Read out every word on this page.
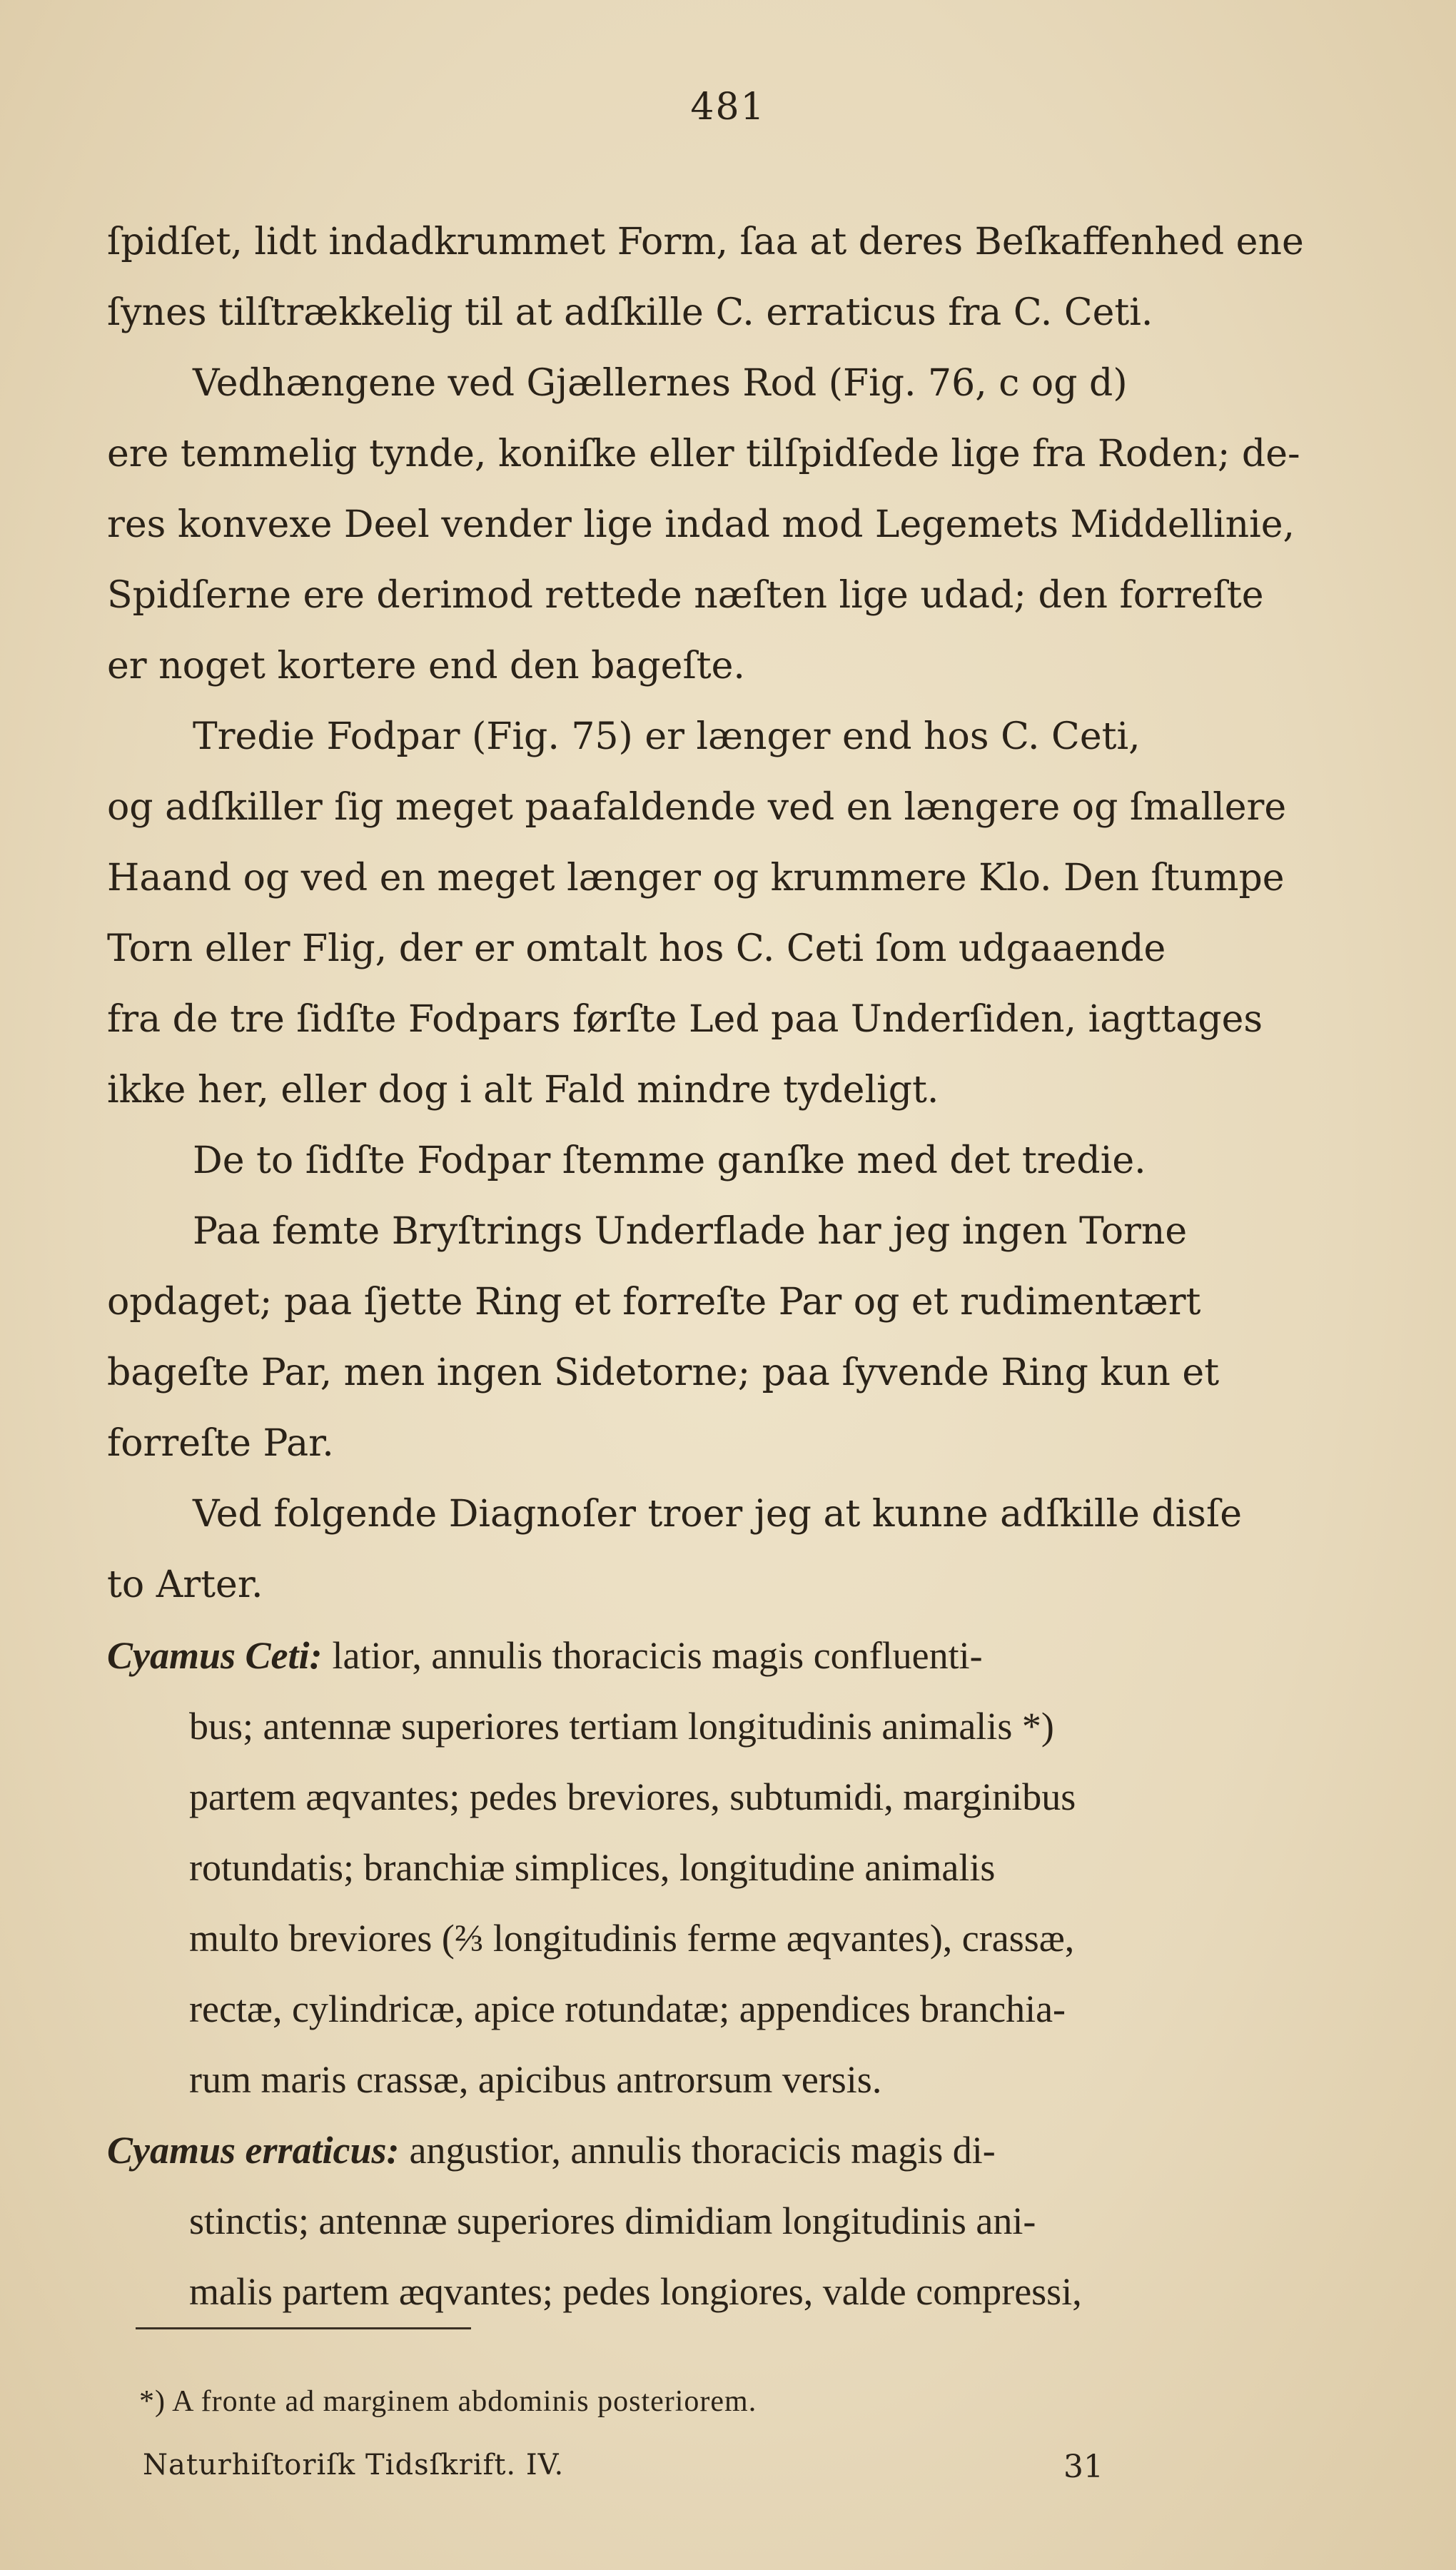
481
ſpidſet, lidt indadkrummet Form, ſaa at deres Beſkaffenhed ene
ſynes tilſtrækkelig til at adſkille C. erraticus fra C. Ceti.
Vedhængene ved Gjællernes Rod (Fig. 76, c og d)
ere temmelig tynde, koniſke eller tilſpidſede lige fra Roden; de-
res konvexe Deel vender lige indad mod Legemets Middellinie,
Spidſerne ere derimod rettede næſten lige udad; den forreſte
er noget kortere end den bageſte.
Tredie Fodpar (Fig. 75) er længer end hos C. Ceti,
og adſkiller ſig meget paafaldende ved en længere og ſmallere
Haand og ved en meget længer og krummere Klo. Den ſtumpe
Torn eller Flig, der er omtalt hos C. Ceti ſom udgaaende
fra de tre ſidſte Fodpars førſte Led paa Underſiden, iagttages
ikke her, eller dog i alt Fald mindre tydeligt.
De to ſidſte Fodpar ſtemme ganſke med det tredie.
Paa femte Bryſtrings Underflade har jeg ingen Torne
opdaget; paa ſjette Ring et forreſte Par og et rudimentært
bageſte Par, men ingen Sidetorne; paa ſyvende Ring kun et
forreſte Par.
Ved folgende Diagnoſer troer jeg at kunne adſkille disſe
to Arter.
Cyamus Ceti: latior, annulis thoracicis magis confluenti-
bus; antennæ superiores tertiam longitudinis animalis *)
partem æqvantes; pedes breviores, subtumidi, marginibus
rotundatis; branchiæ simplices, longitudine animalis
multo breviores (⅔ longitudinis ferme æqvantes), crassæ,
rectæ, cylindricæ, apice rotundatæ; appendices branchia-
rum maris crassæ, apicibus antrorsum versis.
Cyamus erraticus: angustior, annulis thoracicis magis di-
stinctis; antennæ superiores dimidiam longitudinis ani-
malis partem æqvantes; pedes longiores, valde compressi,
*) A fronte ad marginem abdominis posteriorem.
Naturhiſtoriſk Tidsſkrift. IV.	31
